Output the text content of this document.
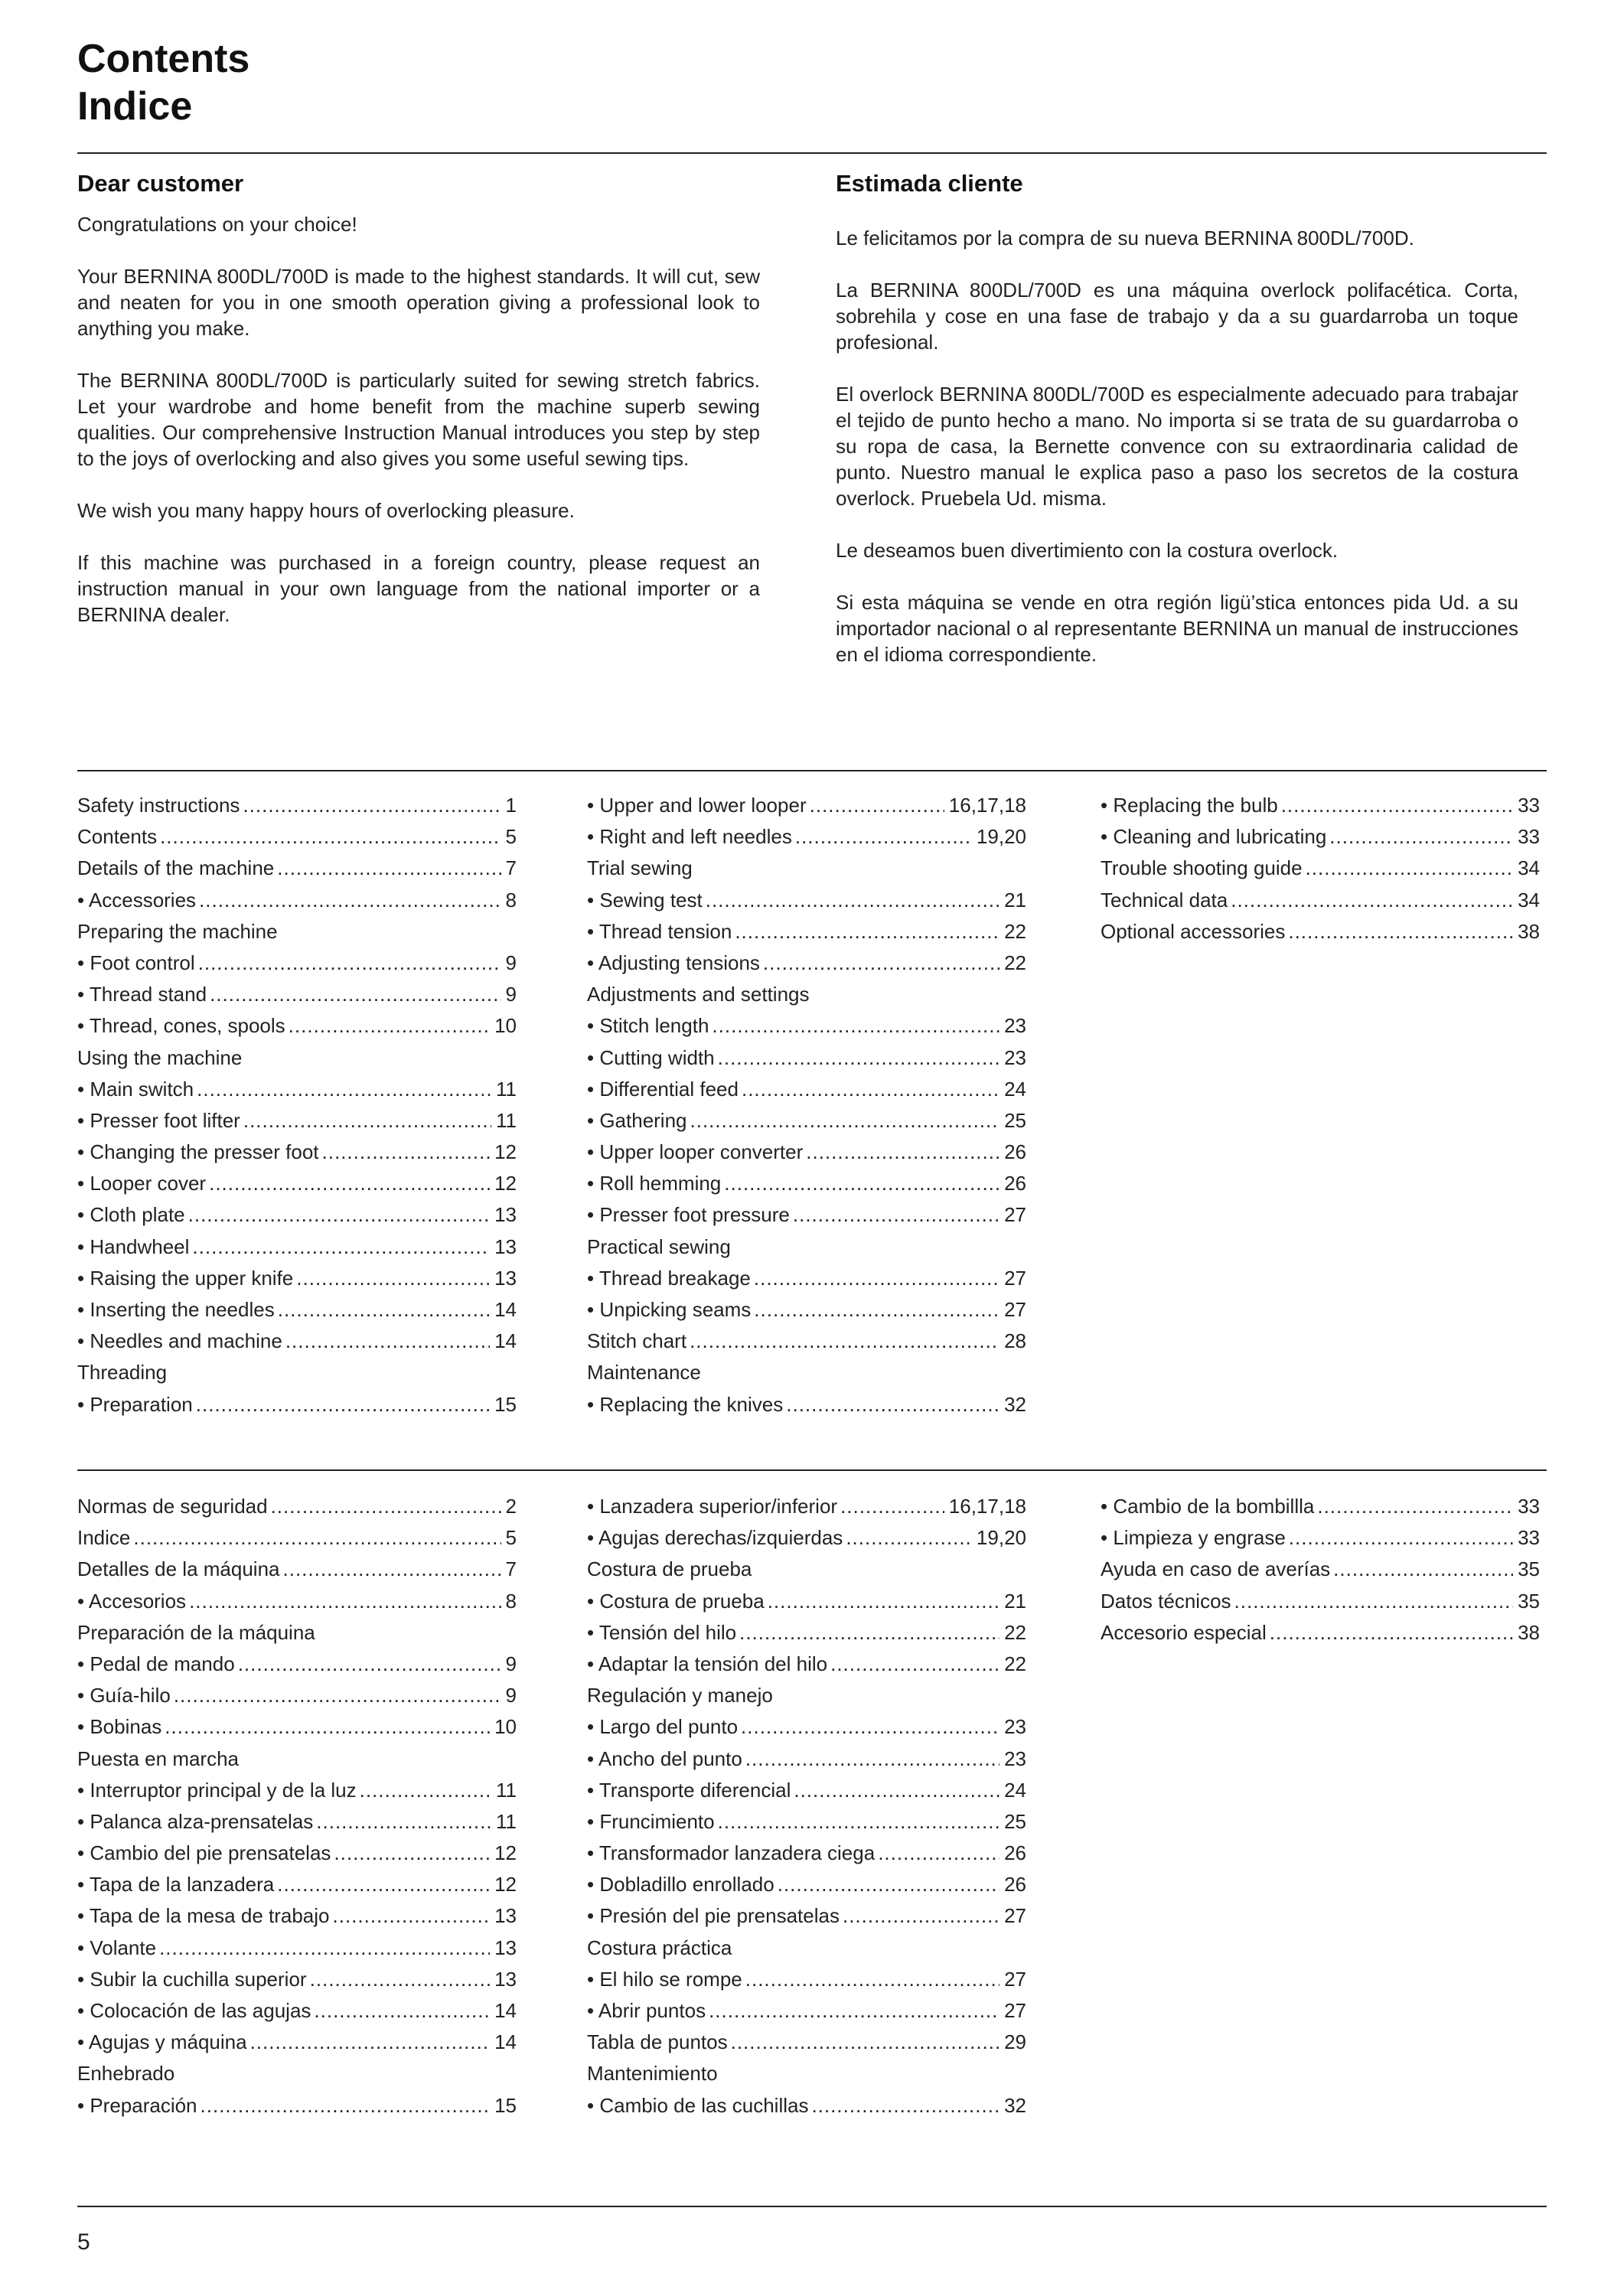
Contents
Indice
Dear customer

Congratulations on your choice!

Your BERNINA 800DL/700D is made to the highest standards. It will cut, sew and neaten for you in one smooth operation giving a professional look to anything you make.

The BERNINA 800DL/700D is particularly suited for sewing stretch fabrics. Let your wardrobe and home benefit from the machine superb sewing qualities. Our comprehensive Instruction Manual introduces you step by step to the joys of overlocking and also gives you some useful sewing tips.

We wish you many happy hours of overlocking pleasure.

If this machine was purchased in a foreign country, please request an instruction manual in your own language from the national importer or a BERNINA dealer.

Estimada cliente

Le felicitamos por la compra de su nueva BERNINA 800DL/700D.

La BERNINA 800DL/700D es una máquina overlock polifacética. Corta, sobrehila y cose en una fase de trabajo y da a su guardarroba un toque profesional.

El overlock BERNINA 800DL/700D es especialmente adecuado para trabajar el tejido de punto hecho a mano. No importa si se trata de su guardarroba o su ropa de casa, la Bernette convence con su extraordinaria calidad de punto. Nuestro manual le explica paso a paso los secretos de la costura overlock. Pruebela Ud. misma.

Le deseamos buen divertimiento con la costura overlock.

Si esta máquina se vende en otra región ligü’stica entonces pida Ud. a su importador nacional o al representante BERNINA un manual de instrucciones en el idioma correspondiente.

Safety instructions .....	1
Contents .....	5
Details of the machine .....	7
• Accessories .....	8
Preparing the machine
• Foot control .....	9
• Thread stand .....	9
• Thread, cones, spools .....	10
Using the machine
• Main switch .....	11
• Presser foot lifter .....	11
• Changing the presser foot .....	12
• Looper cover .....	12
• Cloth plate .....	13
• Handwheel .....	13
• Raising the upper knife .....	13
• Inserting the needles .....	14
• Needles and machine .....	14
Threading
• Preparation .....	15
• Upper and lower looper .....	16,17,18
• Right and left needles .....	19,20
Trial sewing
• Sewing test .....	21
• Thread tension .....	22
• Adjusting tensions .....	22
Adjustments and settings
• Stitch length .....	23
• Cutting width .....	23
• Differential feed .....	24
• Gathering .....	25
• Upper looper converter .....	26
• Roll hemming .....	26
• Presser foot pressure .....	27
Practical sewing
• Thread breakage .....	27
• Unpicking seams .....	27
Stitch chart .....	28
Maintenance
• Replacing the knives .....	32
• Replacing the bulb .....	33
• Cleaning and lubricating .....	33
Trouble shooting guide .....	34
Technical data .....	34
Optional accessories .....	38
Normas de seguridad .....	2
Indice .....	5
Detalles de la máquina .....	7
• Accesorios .....	8
Preparación de la máquina
• Pedal de mando .....	9
• Guía-hilo .....	9
• Bobinas .....	10
Puesta en marcha
• Interruptor principal y de la luz .....	11
• Palanca alza-prensatelas .....	11
• Cambio del pie prensatelas .....	12
• Tapa de la lanzadera .....	12
• Tapa de la mesa de trabajo .....	13
• Volante .....	13
• Subir la cuchilla superior .....	13
• Colocación de las agujas .....	14
• Agujas y máquina .....	14
Enhebrado
• Preparación .....	15
• Lanzadera superior/inferior .....	16,17,18
• Agujas derechas/izquierdas .....	19,20
Costura de prueba
• Costura de prueba .....	21
• Tensión del hilo .....	22
• Adaptar la tensión del hilo .....	22
Regulación y manejo
• Largo del punto .....	23
• Ancho del punto .....	23
• Transporte diferencial .....	24
• Fruncimiento .....	25
• Transformador lanzadera ciega .....	26
• Dobladillo enrollado .....	26
• Presión del pie prensatelas .....	27
Costura práctica
• El hilo se rompe .....	27
• Abrir puntos .....	27
Tabla de puntos .....	29
Mantenimiento
• Cambio de las cuchillas .....	32
• Cambio de la bombillla .....	33
• Limpieza y engrase .....	33
Ayuda en caso de averías .....	35
Datos técnicos .....	35
Accesorio especial .....	38
5
